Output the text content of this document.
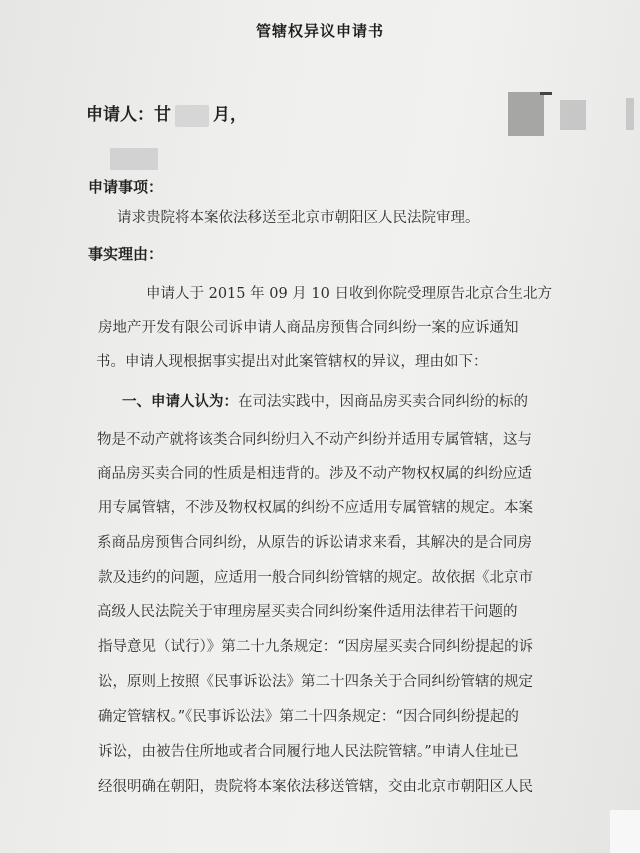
管辖权异议申请书
申请人：甘 月，
申请事项：
请求贵院将本案依法移送至北京市朝阳区人民法院审理。
事实理由：
申请人于 2015 年 09 月 10 日收到你院受理原告北京合生北方
房地产开发有限公司诉申请人商品房预售合同纠纷一案的应诉通知
书。申请人现根据事实提出对此案管辖权的异议，理由如下：
一、申请人认为：在司法实践中，因商品房买卖合同纠纷的标的
物是不动产就将该类合同纠纷归入不动产纠纷并适用专属管辖，这与
商品房买卖合同的性质是相违背的。涉及不动产物权权属的纠纷应适
用专属管辖，不涉及物权权属的纠纷不应适用专属管辖的规定。本案
系商品房预售合同纠纷，从原告的诉讼请求来看，其解决的是合同房
款及违约的问题，应适用一般合同纠纷管辖的规定。故依据《北京市
高级人民法院关于审理房屋买卖合同纠纷案件适用法律若干问题的
指导意见（试行）》第二十九条规定：“因房屋买卖合同纠纷提起的诉
讼，原则上按照《民事诉讼法》第二十四条关于合同纠纷管辖的规定
确定管辖权。”《民事诉讼法》第二十四条规定：“因合同纠纷提起的
诉讼，由被告住所地或者合同履行地人民法院管辖。”申请人住址已
经很明确在朝阳，贵院将本案依法移送管辖，交由北京市朝阳区人民
